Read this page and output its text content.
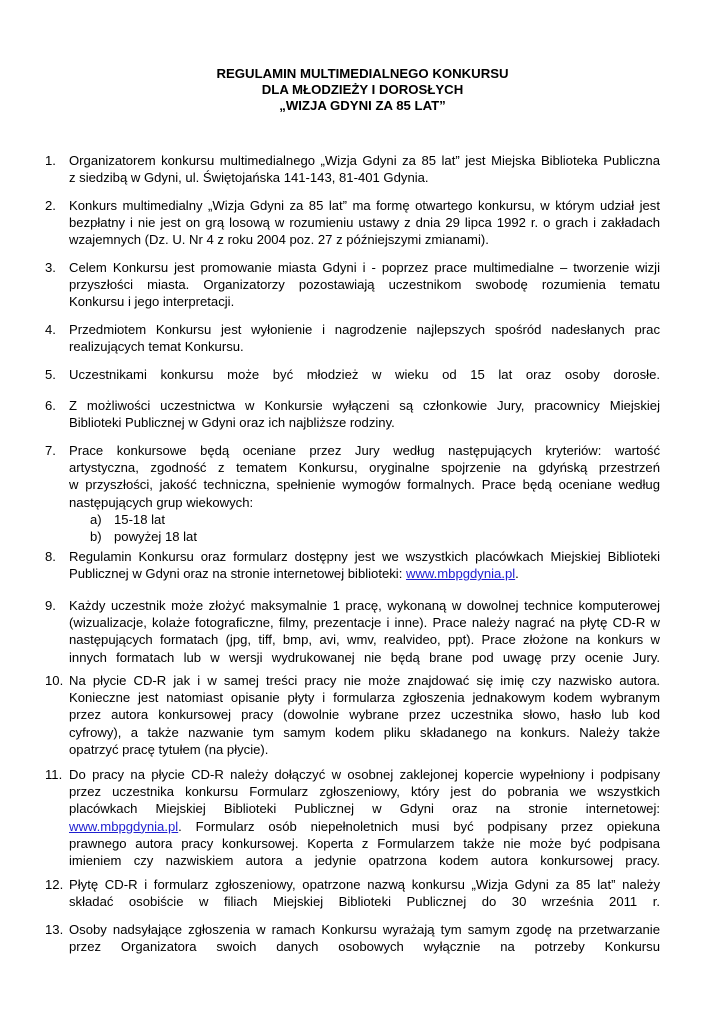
REGULAMIN MULTIMEDIALNEGO KONKURSU
DLA MŁODZIEŻY I DOROSŁYCH
„WIZJA GDYNI ZA 85 LAT”
1. Organizatorem konkursu multimedialnego „Wizja Gdyni za 85 lat” jest Miejska Biblioteka Publiczna
z siedzibą w Gdyni, ul. Świętojańska 141-143, 81-401 Gdynia.
2. Konkurs multimedialny „Wizja Gdyni za 85 lat” ma formę otwartego konkursu, w którym udział jest
bezpłatny i nie jest on grą losową w rozumieniu ustawy z dnia 29 lipca 1992 r. o grach i zakładach
wzajemnych (Dz. U. Nr 4 z roku 2004 poz. 27 z późniejszymi zmianami).
3. Celem Konkursu jest promowanie miasta Gdyni i - poprzez prace multimedialne – tworzenie wizji
przyszłości miasta. Organizatorzy pozostawiają uczestnikom swobodę rozumienia tematu
Konkursu i jego interpretacji.
4. Przedmiotem Konkursu jest wyłonienie i nagrodzenie najlepszych spośród nadesłanych prac
realizujących temat Konkursu.
5. Uczestnikami konkursu może być młodzież w wieku od 15 lat oraz osoby dorosłe.
6. Z możliwości uczestnictwa w Konkursie wyłączeni są członkowie Jury, pracownicy Miejskiej
Biblioteki Publicznej w Gdyni oraz ich najbliższe rodziny.
7. Prace konkursowe będą oceniane przez Jury według następujących kryteriów: wartość
artystyczna, zgodność z tematem Konkursu, oryginalne spojrzenie na gdyńską przestrzeń
w przyszłości, jakość techniczna, spełnienie wymogów formalnych. Prace będą oceniane według
następujących grup wiekowych:
a) 15-18 lat
b) powyżej 18 lat
8. Regulamin Konkursu oraz formularz dostępny jest we wszystkich placówkach Miejskiej Biblioteki
Publicznej w Gdyni oraz na stronie internetowej biblioteki: www.mbpgdynia.pl.
9. Każdy uczestnik może złożyć maksymalnie 1 pracę, wykonaną w dowolnej technice komputerowej
(wizualizacje, kolaże fotograficzne, filmy, prezentacje i inne). Prace należy nagrać na płytę CD-R w
następujących formatach (jpg, tiff, bmp, avi, wmv, realvideo, ppt). Prace złożone na konkurs w
innych formatach lub w wersji wydrukowanej nie będą brane pod uwagę przy ocenie Jury.
10. Na płycie CD-R jak i w samej treści pracy nie może znajdować się imię czy nazwisko autora.
Konieczne jest natomiast opisanie płyty i formularza zgłoszenia jednakowym kodem wybranym
przez autora konkursowej pracy (dowolnie wybrane przez uczestnika słowo, hasło lub kod
cyfrowy), a także nazwanie tym samym kodem pliku składanego na konkurs. Należy także
opatrzyć pracę tytułem (na płycie).
11. Do pracy na płycie CD-R należy dołączyć w osobnej zaklejonej kopercie wypełniony i podpisany
przez uczestnika konkursu Formularz zgłoszeniowy, który jest do pobrania we wszystkich
placówkach Miejskiej Biblioteki Publicznej w Gdyni oraz na stronie internetowej:
www.mbpgdynia.pl. Formularz osób niepełnoletnich musi być podpisany przez opiekuna
prawnego autora pracy konkursowej. Koperta z Formularzem także nie może być podpisana
imieniem czy nazwiskiem autora a jedynie opatrzona kodem autora konkursowej pracy.
12. Płytę CD-R i formularz zgłoszeniowy, opatrzone nazwą konkursu „Wizja Gdyni za 85 lat” należy
składać osobiście w filiach Miejskiej Biblioteki Publicznej do 30 września 2011 r.
13. Osoby nadsyłające zgłoszenia w ramach Konkursu wyrażają tym samym zgodę na przetwarzanie
przez Organizatora swoich danych osobowych wyłącznie na potrzeby Konkursu
